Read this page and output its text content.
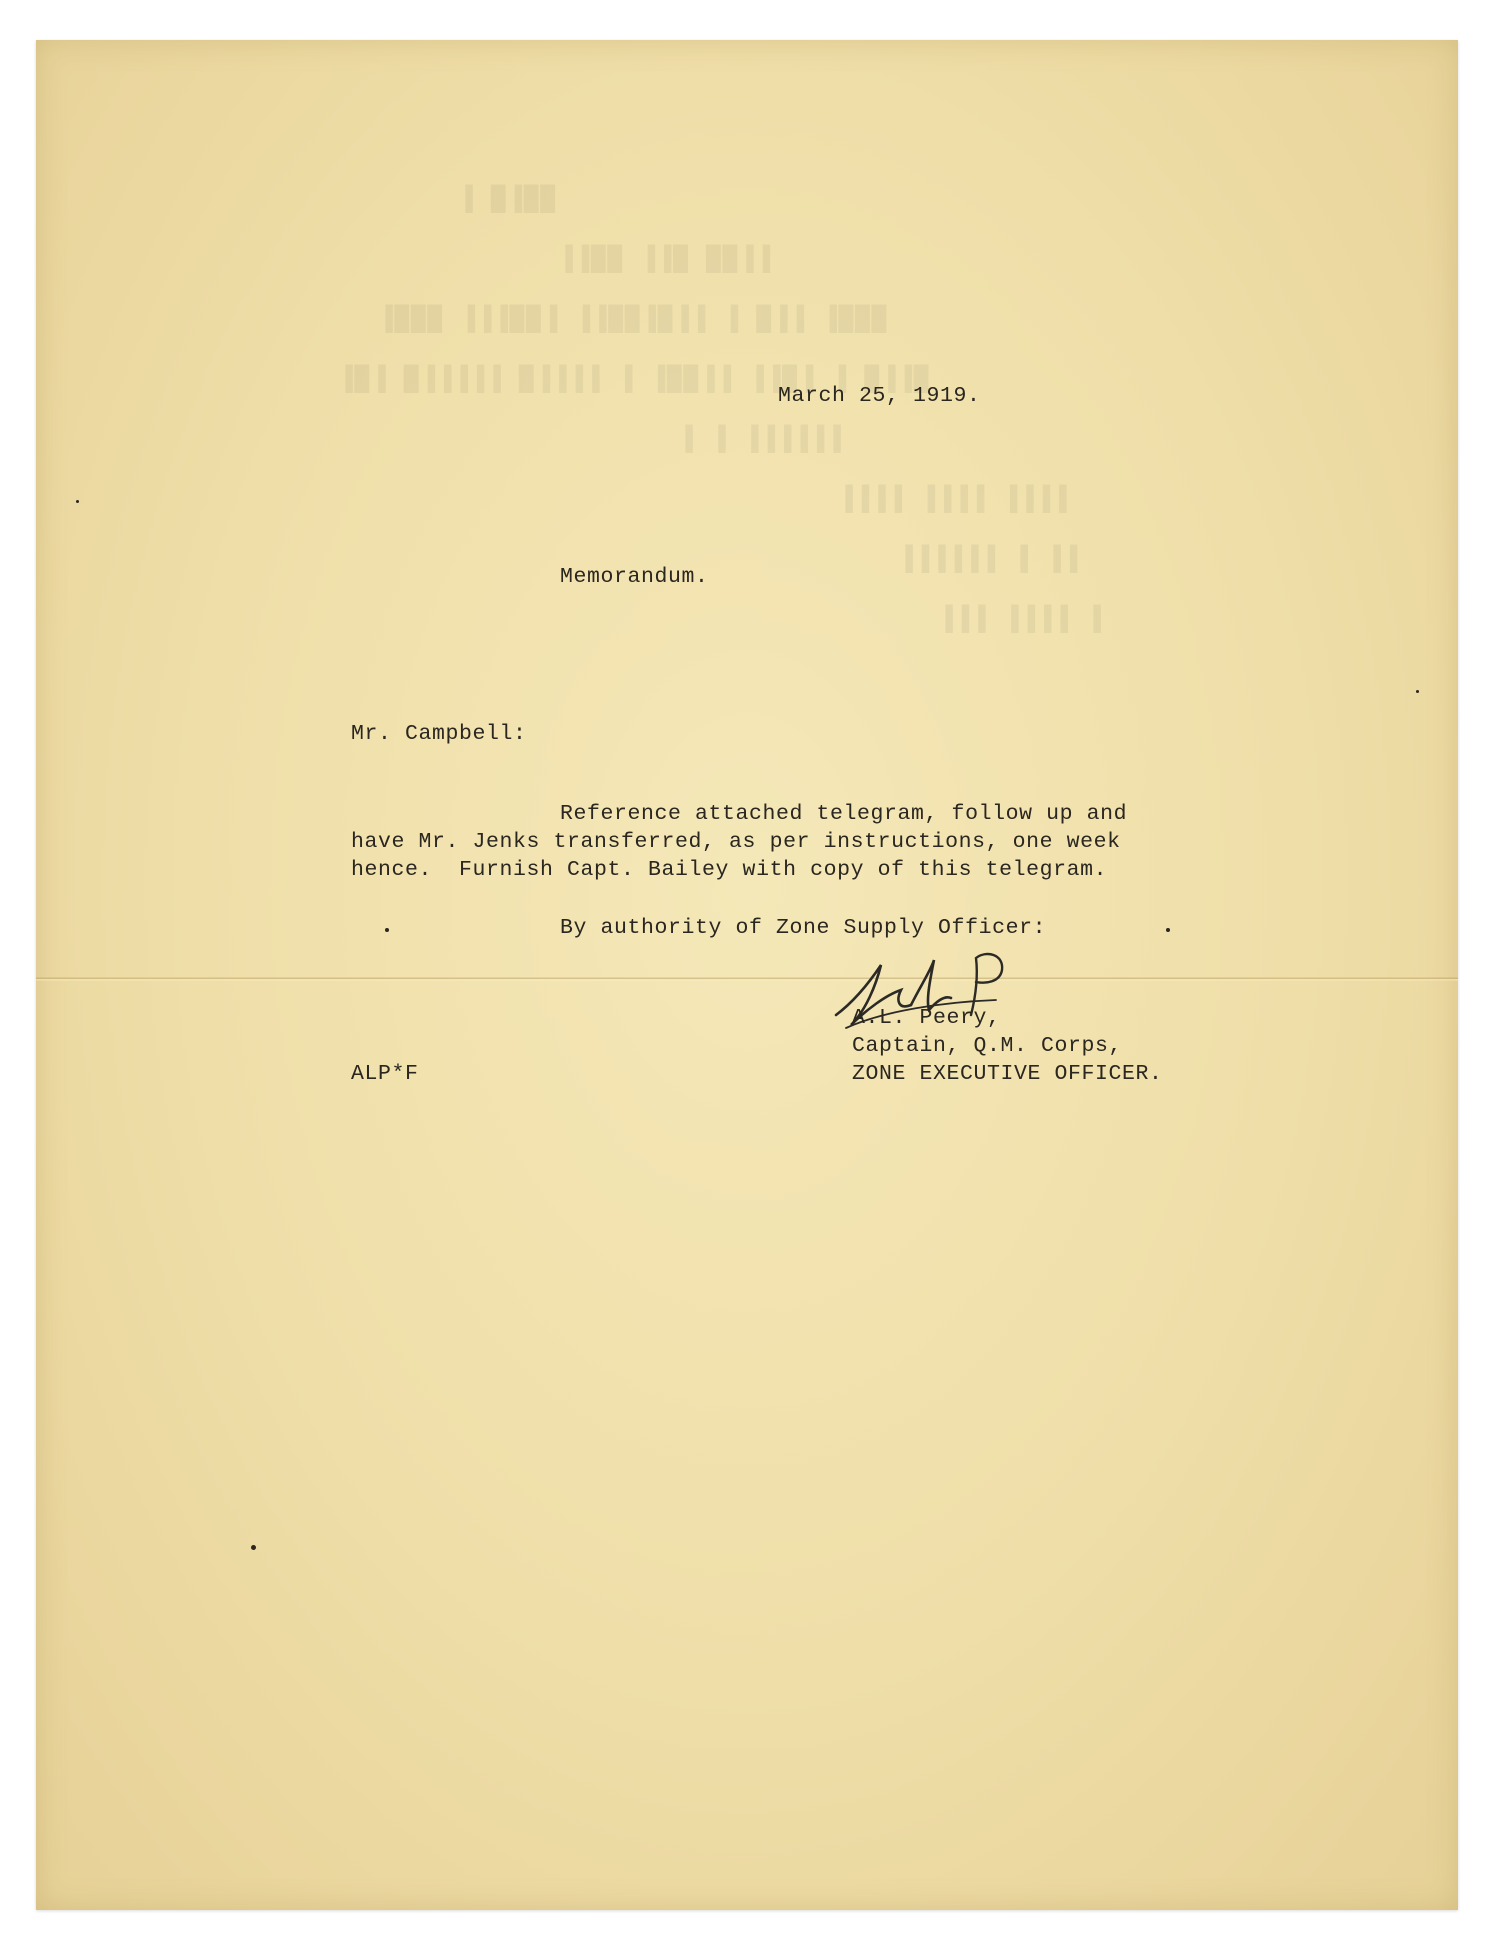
██▌█ ▌
▌▌██ █▌▌ ██▌▌
███▌ ▌▌█ ▌ ▌▌█▌██▌▌ ▌██▌▌▌ ███▌
█▌▌█ ▌ ▌█▌▌ ▌▌██▌ ▌ ▌▌▌▌█ ▌▌▌▌▌█ ▌█▌
▌▌▌▌▌▌ ▌ ▌
▌▌▌▌ ▌▌▌▌ ▌▌▌▌
▌▌ ▌ ▌▌▌▌▌▌
▌ ▌▌▌▌ ▌▌▌
March 25, 1919.
Memorandum.
Mr. Campbell:
Reference attached telegram, follow up and
have Mr. Jenks transferred, as per instructions, one week
hence.  Furnish Capt. Bailey with copy of this telegram.
By authority of Zone Supply Officer:
A.L. Peery,
Captain, Q.M. Corps,
ZONE EXECUTIVE OFFICER.
ALP*F
